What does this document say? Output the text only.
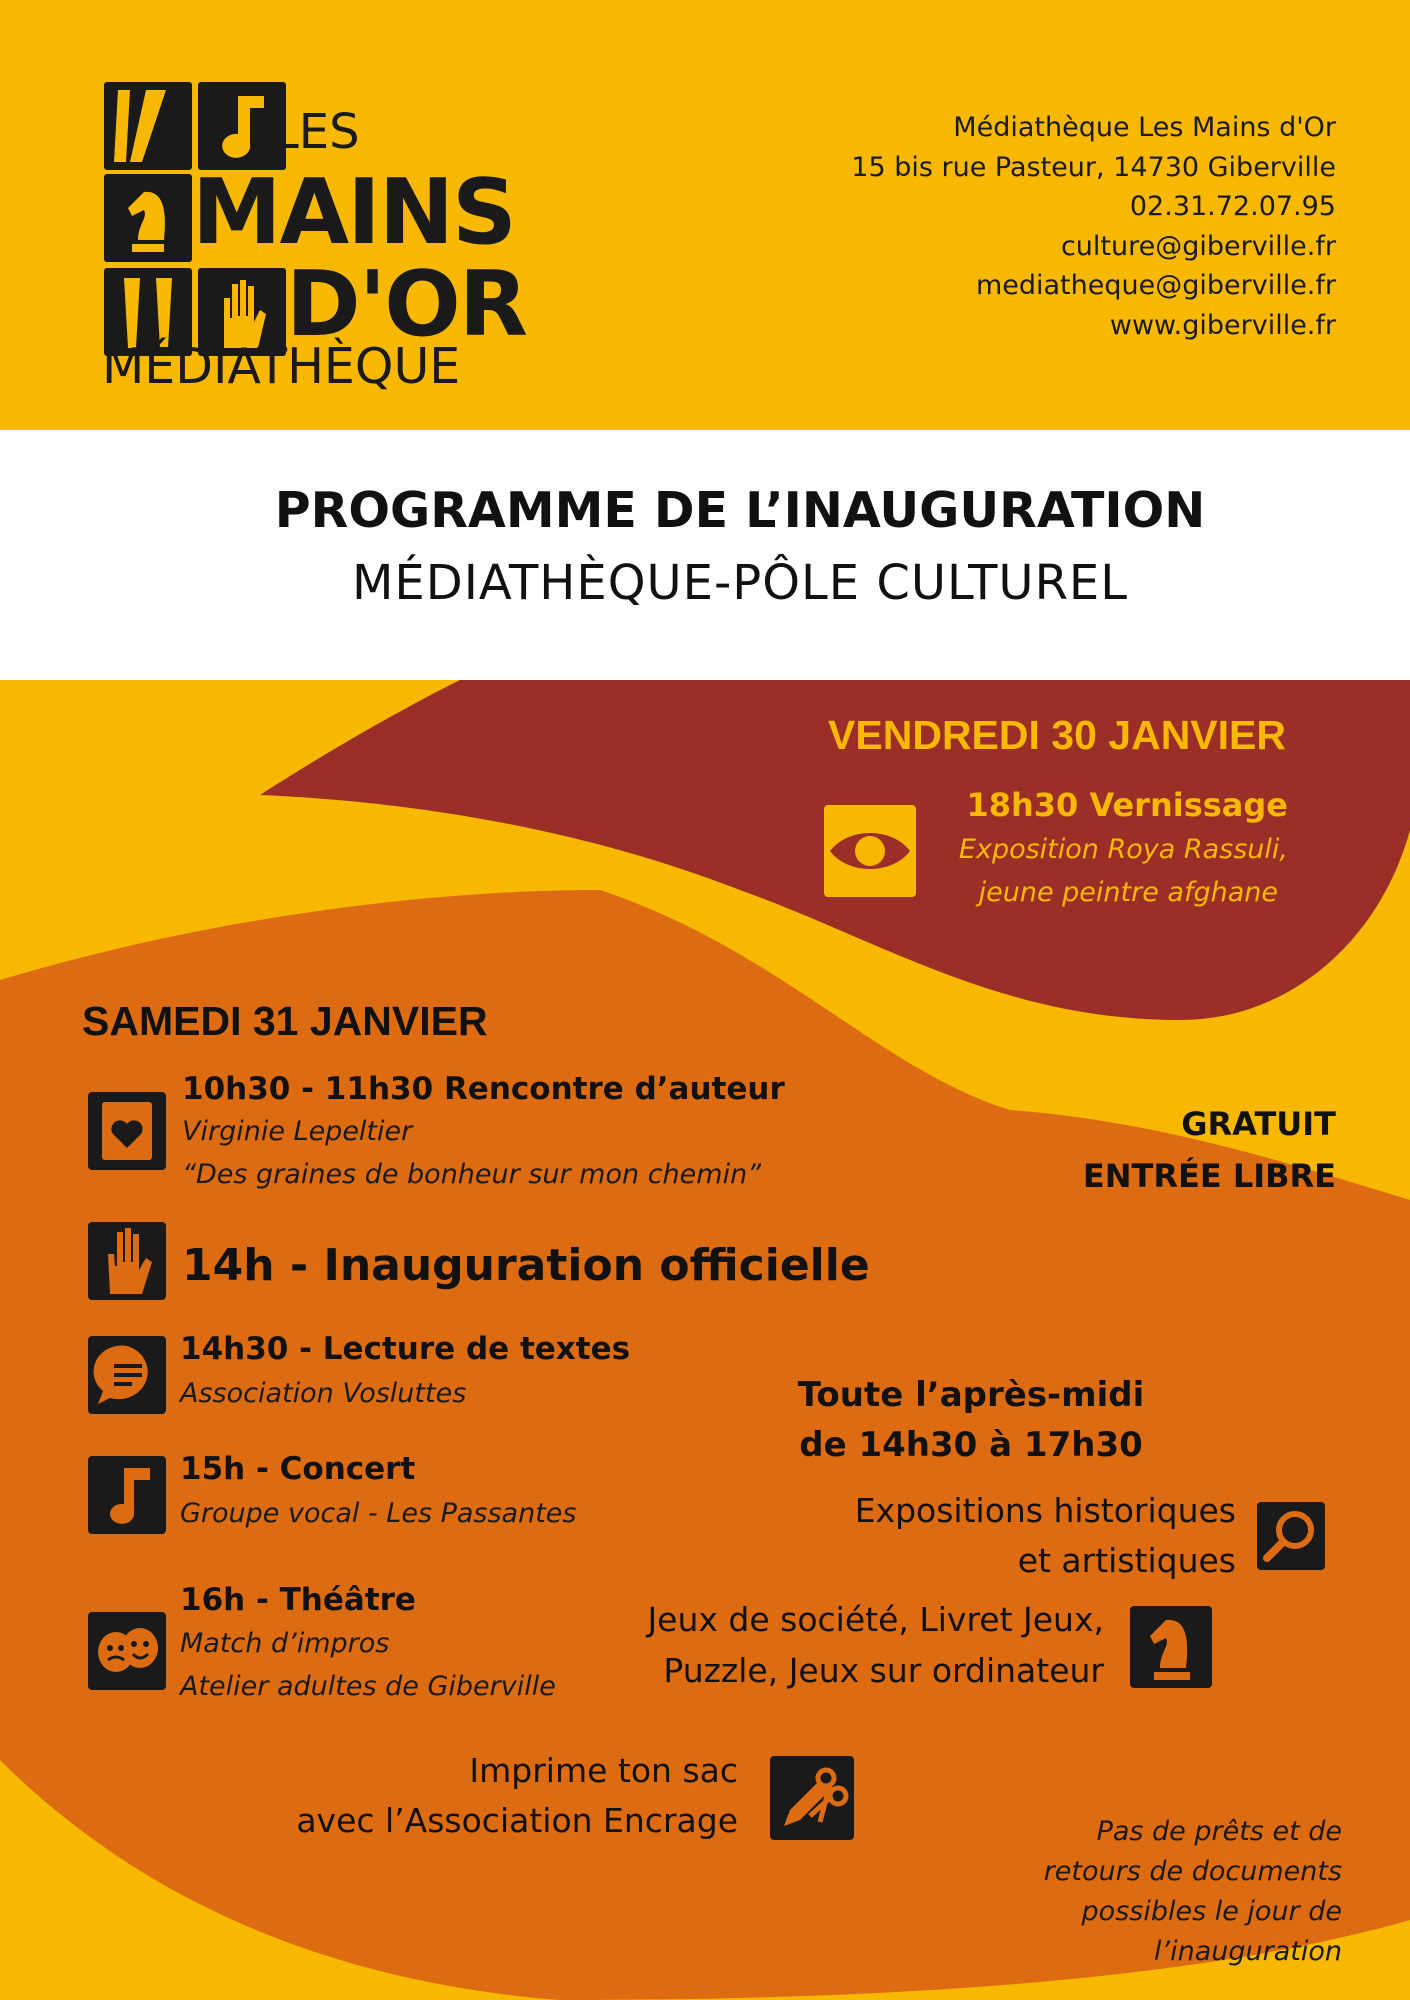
LES
MAINS
D'OR
MÉDIATHÈQUE
Médiathèque Les Mains d'Or
15 bis rue Pasteur, 14730 Giberville
02.31.72.07.95
culture@giberville.fr
mediatheque@giberville.fr
www.giberville.fr
PROGRAMME DE L’INAUGURATION
MÉDIATHÈQUE-PÔLE CULTUREL
VENDREDI 30 JANVIER
18h30 Vernissage
Exposition Roya Rassuli,
jeune peintre afghane
SAMEDI 31 JANVIER
10h30 - 11h30 Rencontre d’auteur
Virginie Lepeltier
“Des graines de bonheur sur mon chemin”
14h - Inauguration officielle
14h30 - Lecture de textes
Association Vosluttes
15h - Concert
Groupe vocal - Les Passantes
16h - Théâtre
Match d’impros
Atelier adultes de Giberville
GRATUIT
ENTRÉE LIBRE
Toute l’après-midi
de 14h30 à 17h30
Expositions historiques
et artistiques
Jeux de société, Livret Jeux,
Puzzle, Jeux sur ordinateur
Imprime ton sac
avec l’Association Encrage	Pas de prêts et de
retours de documents
possibles le jour de
l’inauguration
